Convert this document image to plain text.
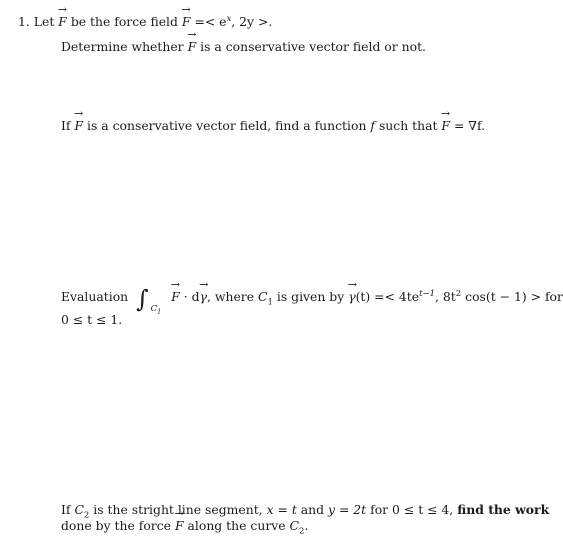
1. Let → F be the force field → $F =< e^x$, 2y >.
Determine whether → F is a conservative vector field or not.
If → F is a conservative vector field, find a function f such that → F = ∇f.
Evaluation ∫ $_{C_1}$ → F · d→ γ, where $C_1$ is given by → $\gamma(t) =< 4te^{t-1}$, $8t^2$ cos(t − 1) > for
0 ≤ t ≤ 1.
If $C_2$ is the stright line segment, x = t and y = 2t for 0 ≤ t ≤ 4, find the work
done by the force → F along the curve $C_2$.
